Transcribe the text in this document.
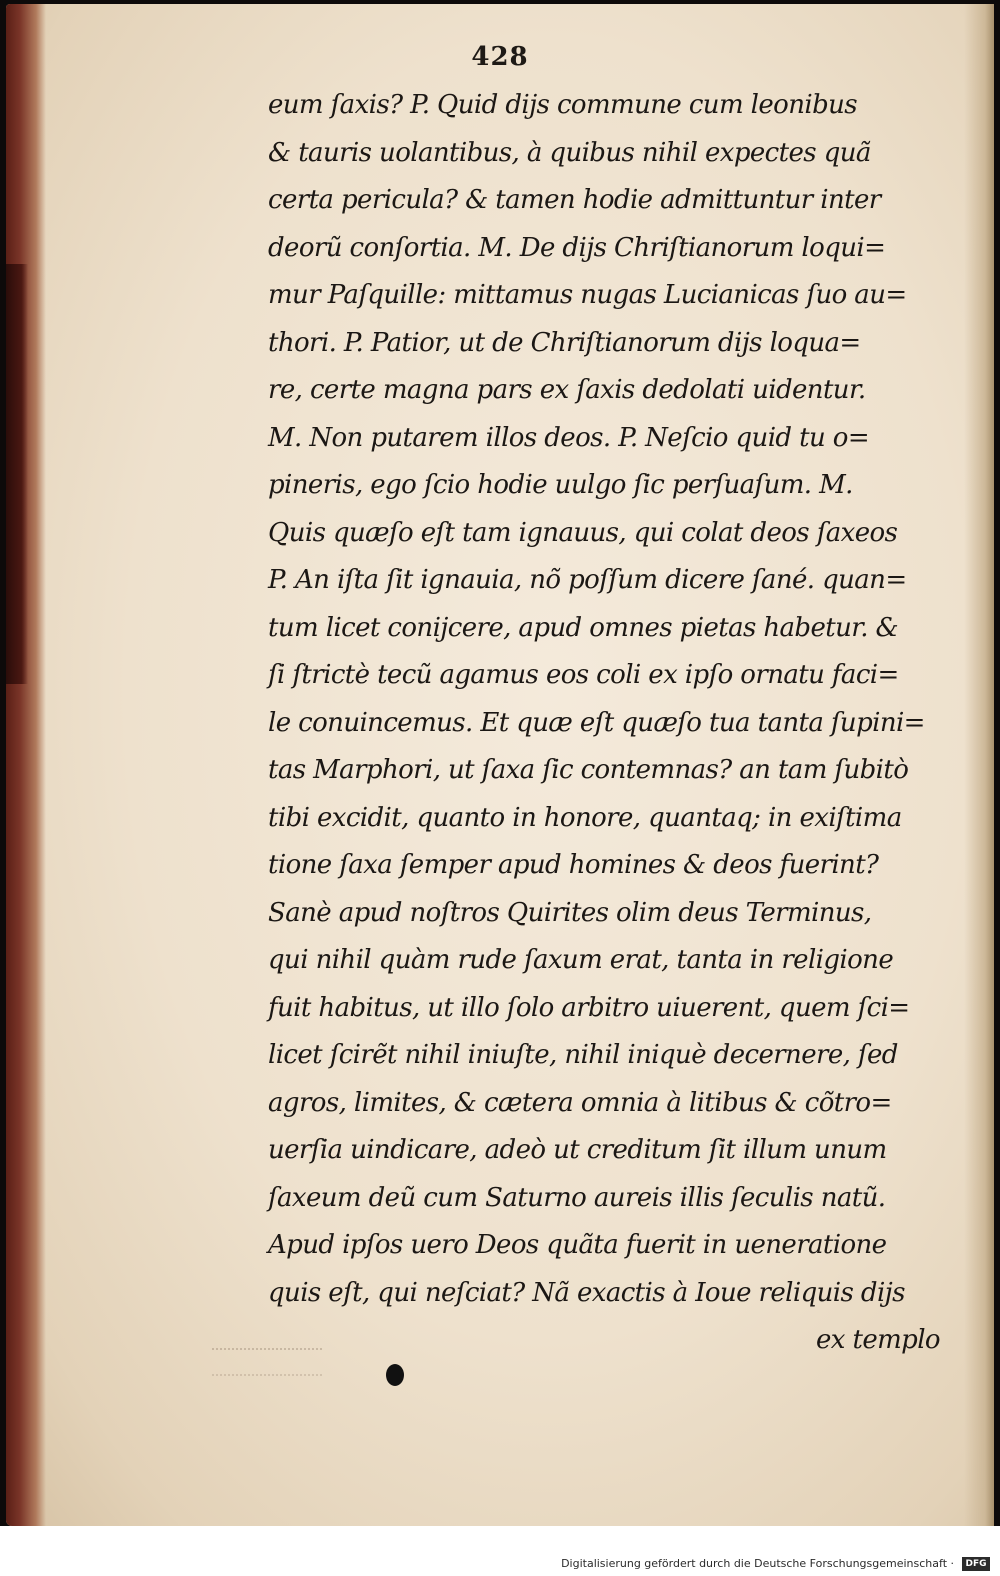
428
eum ſaxis? P. Quid dijs commune cum leonibus
& tauris uolantibus, à quibus nihil expectes quã
certa pericula? & tamen hodie admittuntur inter
deorũ conſortia. M. De dijs Chriſtianorum loqui=
mur Paſquille: mittamus nugas Lucianicas ſuo au=
thori. P. Patior, ut de Chriſtianorum dijs loqua=
re, certe magna pars ex ſaxis dedolati uidentur.
M. Non putarem illos deos. P. Neſcio quid tu o=
pineris, ego ſcio hodie uulgo ſic perſuaſum. M.
Quis quæſo eſt tam ignauus, qui colat deos ſaxeos
P. An iſta ſit ignauia, nõ poſſum dicere ſané. quan=
tum licet conijcere, apud omnes pietas habetur. &
ſi ſtrictè tecũ agamus eos coli ex ipſo ornatu faci=
le conuincemus. Et quæ eſt quæſo tua tanta ſupini=
tas Marphori, ut ſaxa ſic contemnas? an tam ſubitò
tibi excidit, quanto in honore, quantaq; in exiſtima
tione ſaxa ſemper apud homines & deos fuerint?
Sanè apud noſtros Quirites olim deus Terminus,
qui nihil quàm rude ſaxum erat, tanta in religione
fuit habitus, ut illo ſolo arbitro uiuerent, quem ſci=
licet ſcirẽt nihil iniuſte, nihil iniquè decernere, ſed
agros, limites, & cætera omnia à litibus & cõtro=
uerſia uindicare, adeò ut creditum ſit illum unum
ſaxeum deũ cum Saturno aureis illis ſeculis natũ.
Apud ipſos uero Deos quãta fuerit in ueneratione
quis eſt, qui neſciat? Nã exactis à Ioue reliquis dijs
ex templo
Digitalisierung gefördert durch die Deutsche Forschungsgemeinschaft ·	DFG
